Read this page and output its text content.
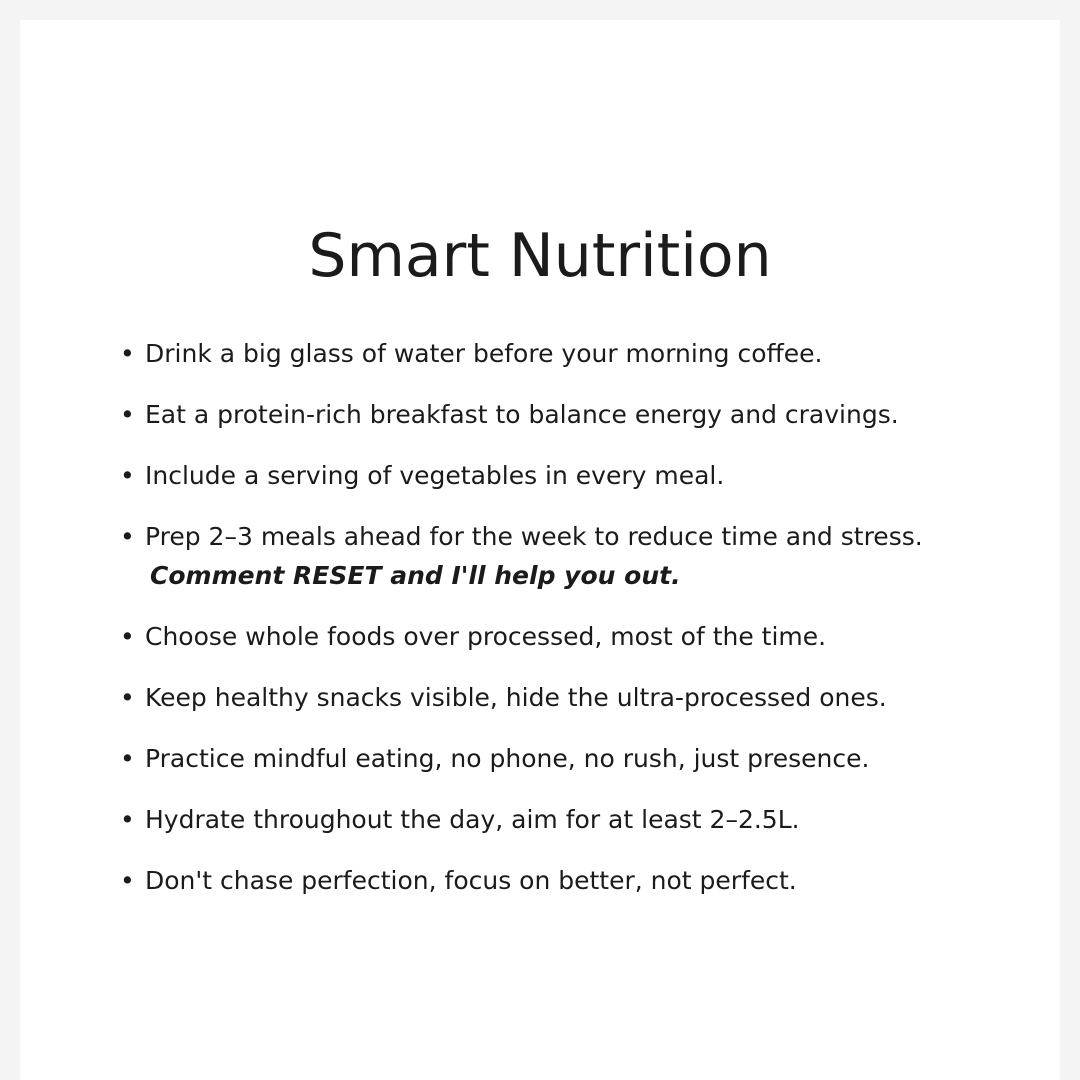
Smart Nutrition
• Drink a big glass of water before your morning coffee.
• Eat a protein-rich breakfast to balance energy and cravings.
• Include a serving of vegetables in every meal.
• Prep 2–3 meals ahead for the week to reduce time and stress.
Comment RESET and I'll help you out.
• Choose whole foods over processed, most of the time.
• Keep healthy snacks visible, hide the ultra-processed ones.
• Practice mindful eating, no phone, no rush, just presence.
• Hydrate throughout the day, aim for at least 2–2.5L.
• Don't chase perfection, focus on better, not perfect.
